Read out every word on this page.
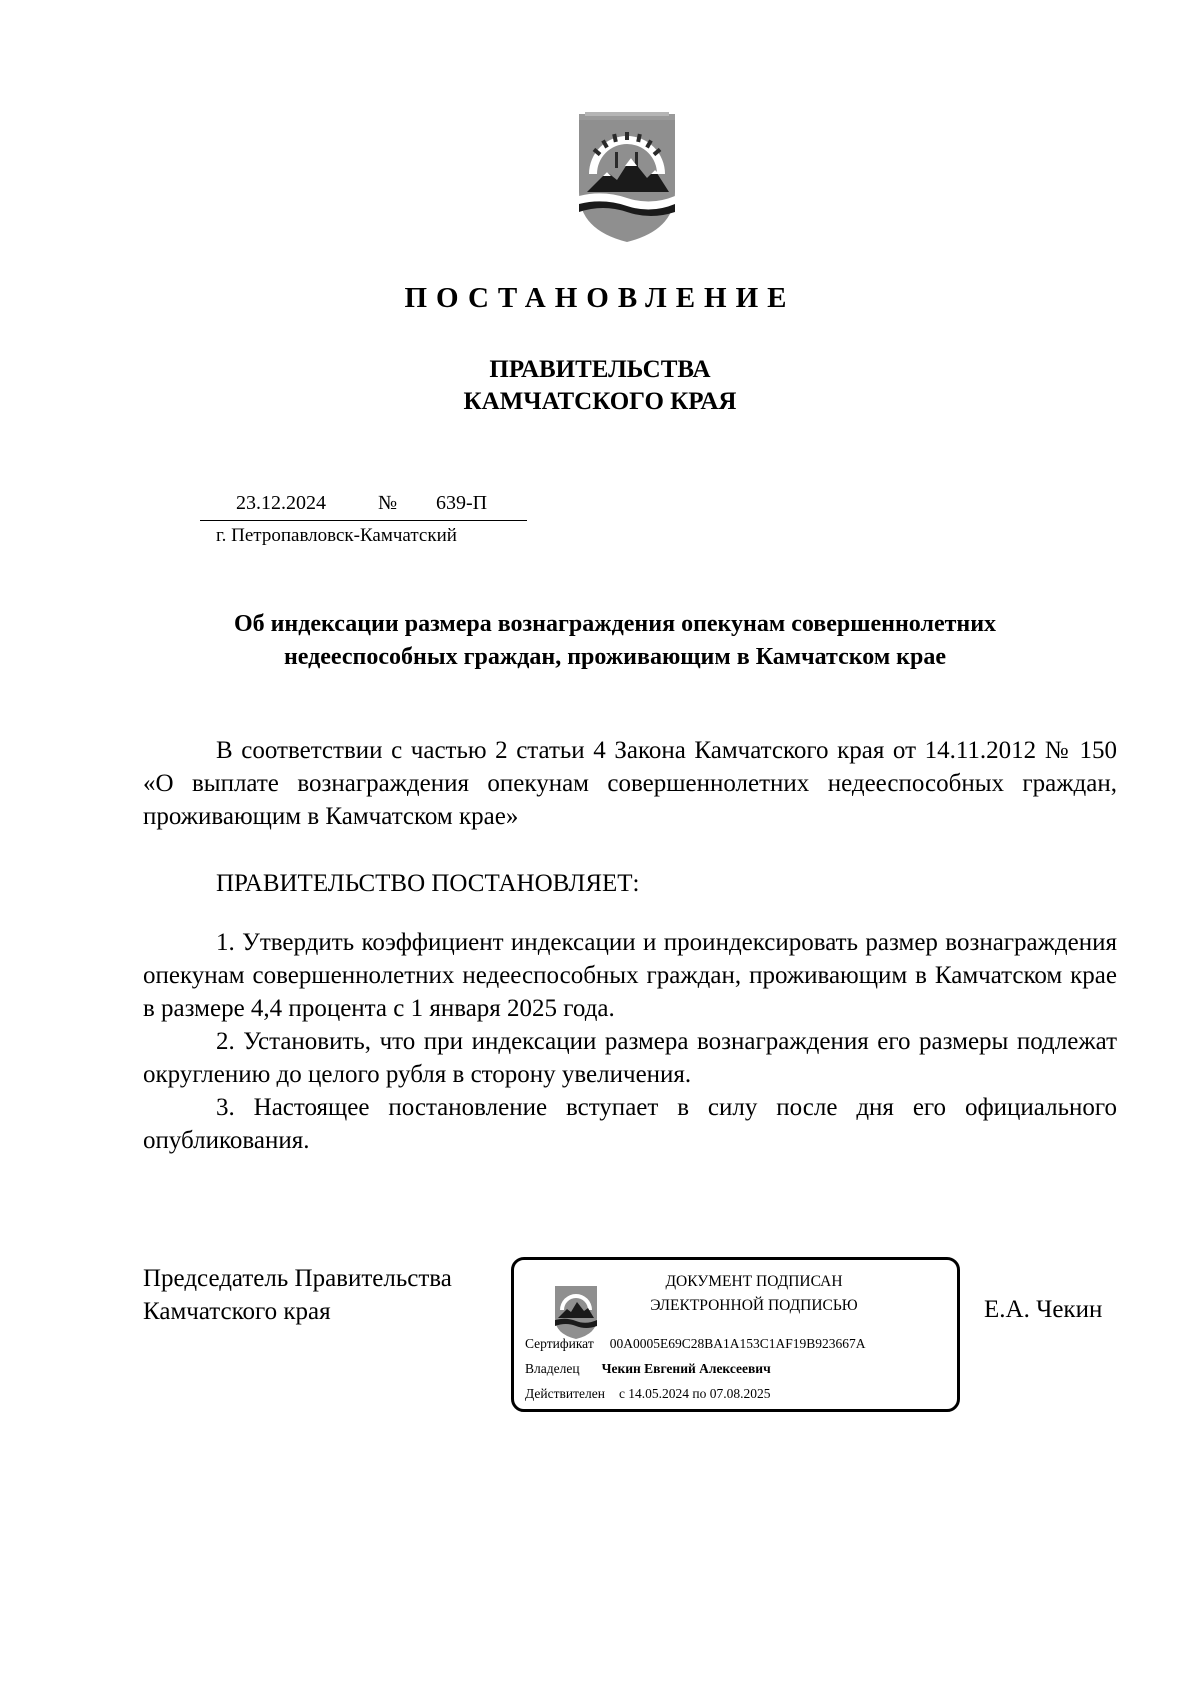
ПОСТАНОВЛЕНИЕ
ПРАВИТЕЛЬСТВА
КАМЧАТСКОГО КРАЯ
23.12.2024	№ 639-П
г. Петропавловск-Камчатский
Об индексации размера вознаграждения опекунам совершеннолетних
недееспособных граждан, проживающим в Камчатском крае

В соответствии с частью 2 статьи 4 Закона Камчатского края от 14.11.2012 № 150 «О выплате вознаграждения опекунам совершеннолетних недееспособных граждан, проживающим в Камчатском крае»

ПРАВИТЕЛЬСТВО ПОСТАНОВЛЯЕТ:

1. Утвердить коэффициент индексации и проиндексировать размер вознаграждения опекунам совершеннолетних недееспособных граждан, проживающим в Камчатском крае в размере 4,4 процента с 1 января 2025 года.

2. Установить, что при индексации размера вознаграждения его размеры подлежат округлению до целого рубля в сторону увеличения.

3. Настоящее постановление вступает в силу после дня его официального опубликования.

Председатель Правительства
Камчатского края
ДОКУМЕНТ ПОДПИСАН
ЭЛЕКТРОННОЙ ПОДПИСЬЮ
Сертификат 00A0005E69C28BA1A153C1AF19B923667A
Владелец Чекин Евгений Алексеевич
Действителен с 14.05.2024 по 07.08.2025
Е.А. Чекин
